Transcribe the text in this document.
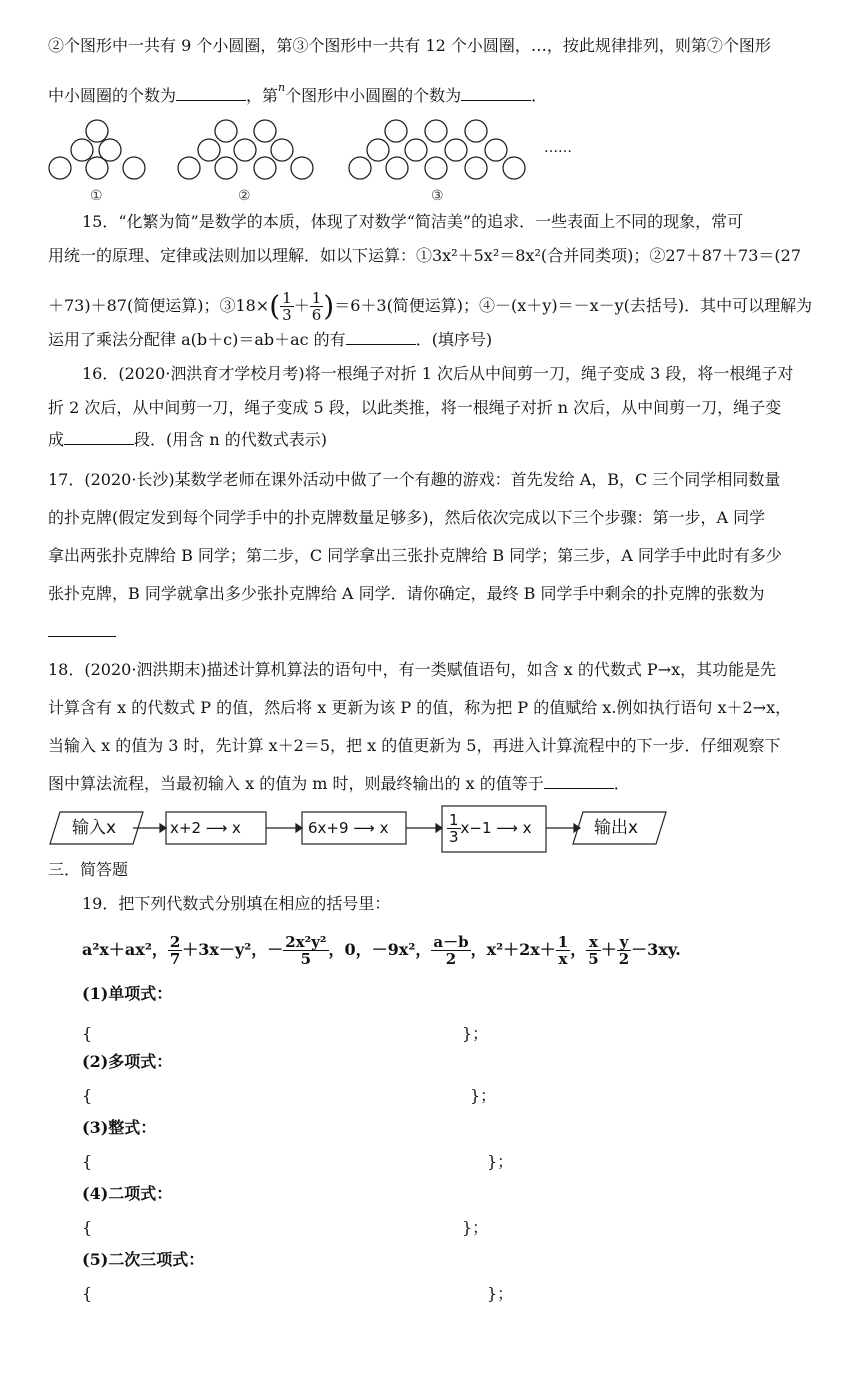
②个图形中一共有 9 个小圆圈，第③个图形中一共有 12 个小圆圈，…，按此规律排列，则第⑦个图形
中小圆圈的个数为	，第$^n$个图形中小圆圈的个数为	．
……
①	②	③
15．“化繁为简”是数学的本质，体现了对数学“简洁美”的追求．一些表面上不同的现象，常可
用统一的原理、定律或法则加以理解．如以下运算：①3x²＋5x²＝8x²(合并同类项)；②27＋87＋73＝(27
＋73)＋87(简便运算)；③18×( $\frac{1}{3} + \frac{1}{6} )=6+3$(简便运算)；④－(x＋y)＝－x－y(去括号)．其中可以理解为
运用了乘法分配律 a(b＋c)＝ab＋ac 的有	．(填序号)
16．(2020·泗洪育才学校月考)将一根绳子对折 1 次后从中间剪一刀，绳子变成 3 段，将一根绳子对
折 2 次后，从中间剪一刀，绳子变成 5 段，以此类推，将一根绳子对折 n 次后，从中间剪一刀，绳子变
成	段．(用含 n 的代数式表示)
17．(2020·长沙)某数学老师在课外活动中做了一个有趣的游戏：首先发给 A，B，C 三个同学相同数量
的扑克牌(假定发到每个同学手中的扑克牌数量足够多)，然后依次完成以下三个步骤：第一步，A 同学
拿出两张扑克牌给 B 同学；第二步，C 同学拿出三张扑克牌给 B 同学；第三步，A 同学手中此时有多少
张扑克牌，B 同学就拿出多少张扑克牌给 A 同学．请你确定，最终 B 同学手中剩余的扑克牌的张数为
18．(2020·泗洪期末)描述计算机算法的语句中，有一类赋值语句，如含 x 的代数式 P→x，其功能是先
计算含有 x 的代数式 P 的值，然后将 x 更新为该 P 的值，称为把 P 的值赋给 x.例如执行语句 x＋2→x，
当输入 x 的值为 3 时，先计算 x＋2＝5，把 x 的值更新为 5，再进入计算流程中的下一步．仔细观察下
图中算法流程，当最初输入 x 的值为 m 时，则最终输出的 x 的值等于	．
输入x	x+2 ⟶ x	6x+9 ⟶ x	$\frac{1}{3} x-1$ ⟶ x	输出x
三．简答题
19．把下列代数式分别填在相应的括号里：
a²x＋ax²， $\frac{2}{7} +3x-y^2$，－ $\frac{\text{2x²y²}}{5}$ ，0，－9x²， $\frac{a-b}{2}$ ，$x^2+2x+ \frac{1}{x}$ ， $\frac{x}{5} + \frac{y}{2} -3xy$.
(1)单项式：
{	}；
(2)多项式：
{	}；
(3)整式：
{	}；
(4)二项式：
{	}；
(5)二次三项式：
{	}；
